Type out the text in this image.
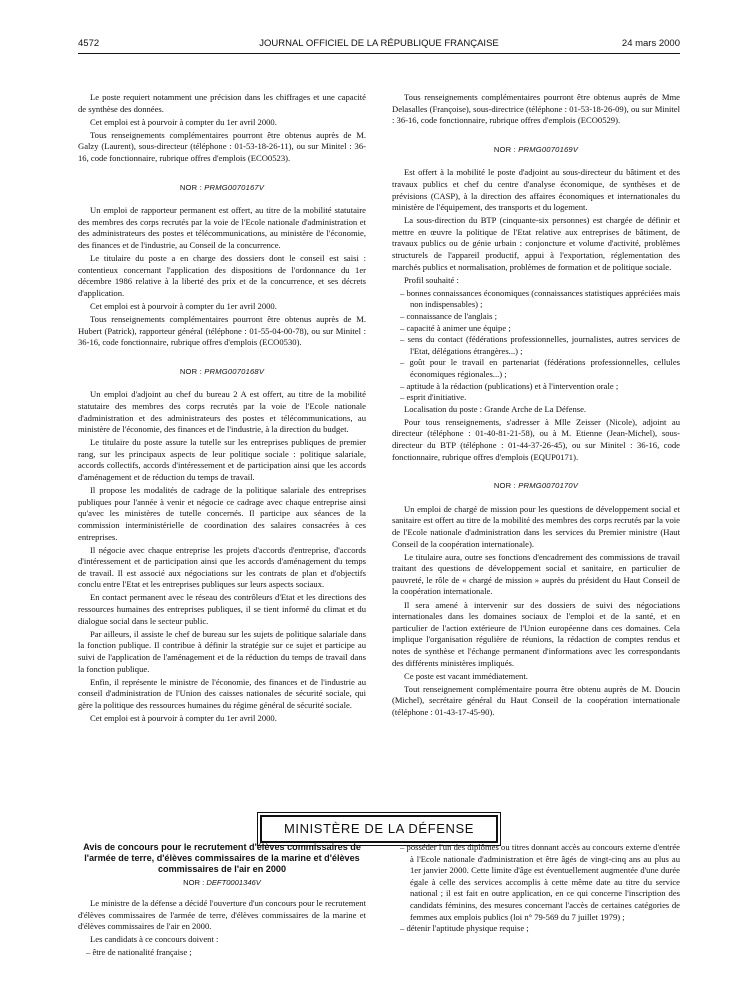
4572	JOURNAL OFFICIEL DE LA RÉPUBLIQUE FRANÇAISE	24 mars 2000

Le poste requiert notamment une précision dans les chiffrages et une capacité de synthèse des données.

Cet emploi est à pourvoir à compter du 1er avril 2000.

Tous renseignements complémentaires pourront être obtenus auprès de M. Galzy (Laurent), sous-directeur (téléphone : 01-53-18-26-11), ou sur Minitel : 36-16, code fonctionnaire, rubrique offres d'emplois (ECO0523).

NOR : PRMG0070167V

Un emploi de rapporteur permanent est offert, au titre de la mobilité statutaire des membres des corps recrutés par la voie de l'Ecole nationale d'administration et des administrateurs des postes et télécommunications, au ministère de l'économie, des finances et de l'industrie, au Conseil de la concurrence.

Le titulaire du poste a en charge des dossiers dont le conseil est saisi : contentieux concernant l'application des dispositions de l'ordonnance du 1er décembre 1986 relative à la liberté des prix et de la concurrence, et ses décrets d'application.

Cet emploi est à pourvoir à compter du 1er avril 2000.

Tous renseignements complémentaires pourront être obtenus auprès de M. Hubert (Patrick), rapporteur général (téléphone : 01-55-04-00-78), ou sur Minitel : 36-16, code fonctionnaire, rubrique offres d'emplois (ECO0530).

NOR : PRMG0070168V

Un emploi d'adjoint au chef du bureau 2 A est offert, au titre de la mobilité statutaire des membres des corps recrutés par la voie de l'Ecole nationale d'administration et des administrateurs des postes et télécommunications, au ministère de l'économie, des finances et de l'industrie, à la direction du budget.

Le titulaire du poste assure la tutelle sur les entreprises publiques de premier rang, sur les principaux aspects de leur politique sociale : politique salariale, accords collectifs, accords d'intéressement et de participation ainsi que les accords d'aménagement et de réduction du temps de travail.

Il propose les modalités de cadrage de la politique salariale des entreprises publiques pour l'année à venir et négocie ce cadrage avec chaque entreprise ainsi qu'avec les ministères de tutelle concernés. Il participe aux séances de la commission interministérielle de coordination des salaires consacrées à ces entreprises.

Il négocie avec chaque entreprise les projets d'accords d'entreprise, d'accords d'intéressement et de participation ainsi que les accords d'aménagement du temps de travail. Il est associé aux négociations sur les contrats de plan et d'objectifs conclu entre l'Etat et les entreprises publiques sur leurs aspects sociaux.

En contact permanent avec le réseau des contrôleurs d'Etat et les directions des ressources humaines des entreprises publiques, il se tient informé du climat et du dialogue social dans le secteur public.

Par ailleurs, il assiste le chef de bureau sur les sujets de politique salariale dans la fonction publique. Il contribue à définir la stratégie sur ce sujet et participe au suivi de l'application de l'aménagement et de la réduction du temps de travail dans la fonction publique.

Enfin, il représente le ministre de l'économie, des finances et de l'industrie au conseil d'administration de l'Union des caisses nationales de sécurité sociale, qui gère la politique des ressources humaines du régime général de sécurité sociale.

Cet emploi est à pourvoir à compter du 1er avril 2000.

Tous renseignements complémentaires pourront être obtenus auprès de Mme Delasalles (Françoise), sous-directrice (téléphone : 01-53-18-26-09), ou sur Minitel : 36-16, code fonctionnaire, rubrique offres d'emplois (ECO0529).

NOR : PRMG0070169V

Est offert à la mobilité le poste d'adjoint au sous-directeur du bâtiment et des travaux publics et chef du centre d'analyse économique, de synthèses et de prévisions (CASP), à la direction des affaires économiques et internationales du ministère de l'équipement, des transports et du logement.

La sous-direction du BTP (cinquante-six personnes) est chargée de définir et mettre en œuvre la politique de l'Etat relative aux entreprises de bâtiment, de travaux publics ou de génie urbain : conjoncture et volume d'activité, problèmes structurels de l'appareil productif, appui à l'exportation, réglementation des marchés publics et normalisation, problèmes de formation et de politique sociale.

Profil souhaité :

– bonnes connaissances économiques (connaissances statistiques appréciées mais non indispensables) ;
– connaissance de l'anglais ;
– capacité à animer une équipe ;
– sens du contact (fédérations professionnelles, journalistes, autres services de l'Etat, délégations étrangères...) ;
– goût pour le travail en partenariat (fédérations professionnelles, cellules économiques régionales...) ;
– aptitude à la rédaction (publications) et à l'intervention orale ;
– esprit d'initiative.

Localisation du poste : Grande Arche de La Défense.

Pour tous renseignements, s'adresser à Mlle Zeisser (Nicole), adjoint au directeur (téléphone : 01-40-81-21-58), ou à M. Etienne (Jean-Michel), sous-directeur du BTP (téléphone : 01-44-37-26-45), ou sur Minitel : 36-16, code fonctionnaire, rubrique offres d'emplois (EQUP0171).

NOR : PRMG0070170V

Un emploi de chargé de mission pour les questions de développement social et sanitaire est offert au titre de la mobilité des membres des corps recrutés par la voie de l'Ecole nationale d'administration dans les services du Premier ministre (Haut Conseil de la coopération internationale).

Le titulaire aura, outre ses fonctions d'encadrement des commissions de travail traitant des questions de développement social et sanitaire, en particulier de pauvreté, le rôle de « chargé de mission » auprès du président du Haut Conseil de la coopération internationale.

Il sera amené à intervenir sur des dossiers de suivi des négociations internationales dans les domaines sociaux de l'emploi et de la santé, et en particulier de l'action extérieure de l'Union européenne dans ces domaines. Cela implique l'organisation régulière de réunions, la rédaction de comptes rendus et notes de synthèse et l'échange permanent d'informations avec les correspondants des différents ministères impliqués.

Ce poste est vacant immédiatement.

Tout renseignement complémentaire pourra être obtenu auprès de M. Doucin (Michel), secrétaire général du Haut Conseil de la coopération internationale (téléphone : 01-43-17-45-90).

MINISTÈRE DE LA DÉFENSE
Avis de concours pour le recrutement d'élèves commissaires de l'armée de terre, d'élèves commissaires de la marine et d'élèves commissaires de l'air en 2000
NOR : DEFT0001346V

Le ministre de la défense a décidé l'ouverture d'un concours pour le recrutement d'élèves commissaires de l'armée de terre, d'élèves commissaires de la marine et d'élèves commissaires de l'air en 2000.

Les candidats à ce concours doivent :

– être de nationalité française ;
– posséder l'un des diplômes ou titres donnant accès au concours externe d'entrée à l'Ecole nationale d'administration et être âgés de vingt-cinq ans au plus au 1er janvier 2000. Cette limite d'âge est éventuellement augmentée d'une durée égale à celle des services accomplis à cette même date au titre du service national ; il est fait en outre application, en ce qui concerne l'inscription des candidats féminins, des mesures concernant l'accès de certaines catégories de femmes aux emplois publics (loi n° 79-569 du 7 juillet 1979) ;
– détenir l'aptitude physique requise ;
